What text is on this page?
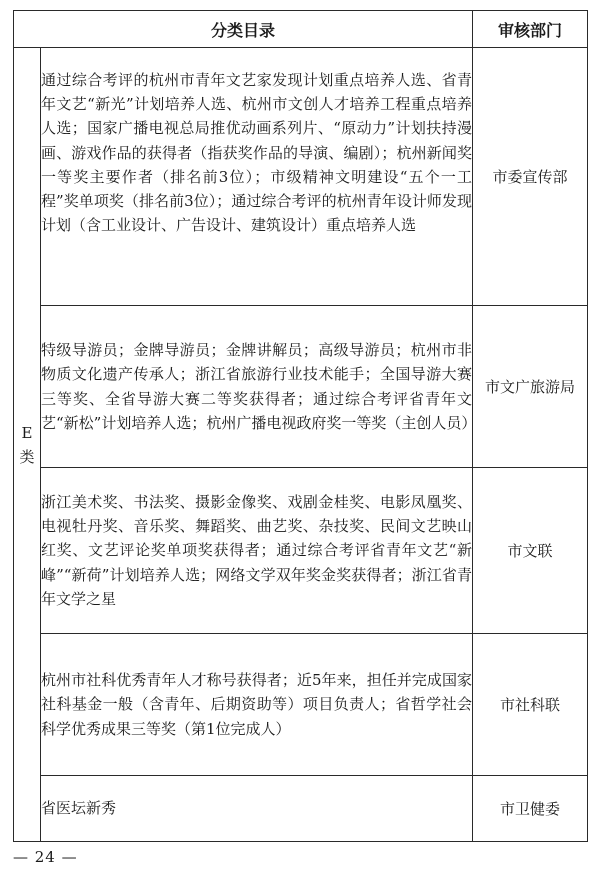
分类目录		审核部门

E
类	通过综合考评的杭州市青年文艺家发现计划重点培养人选、省青年文艺“新光”计划培养人选、杭州市文创人才培养工程重点培养人选；国家广播电视总局推优动画系列片、“原动力”计划扶持漫画、游戏作品的获得者（指获奖作品的导演、编剧）；杭州新闻奖一等奖主要作者（排名前3位）；市级精神文明建设“五个一工程”奖单项奖（排名前3位）；通过综合考评的杭州青年设计师发现计划（含工业设计、广告设计、建筑设计）重点培养人选	市委宣传部
	特级导游员；金牌导游员；金牌讲解员；高级导游员；杭州市非物质文化遗产传承人；浙江省旅游行业技术能手；全国导游大赛三等奖、全省导游大赛二等奖获得者；通过综合考评省青年文艺“新松”计划培养人选；杭州广播电视政府奖一等奖（主创人员）	市文广旅游局
	浙江美术奖、书法奖、摄影金像奖、戏剧金桂奖、电影凤凰奖、电视牡丹奖、音乐奖、舞蹈奖、曲艺奖、杂技奖、民间文艺映山红奖、文艺评论奖单项奖获得者；通过综合考评省青年文艺“新峰”“新荷”计划培养人选；网络文学双年奖金奖获得者；浙江省青年文学之星	市文联
	杭州市社科优秀青年人才称号获得者；近5年来，担任并完成国家社科基金一般（含青年、后期资助等）项目负责人；省哲学社会科学优秀成果三等奖（第1位完成人）	市社科联
	省医坛新秀	市卫健委
— 24 —
